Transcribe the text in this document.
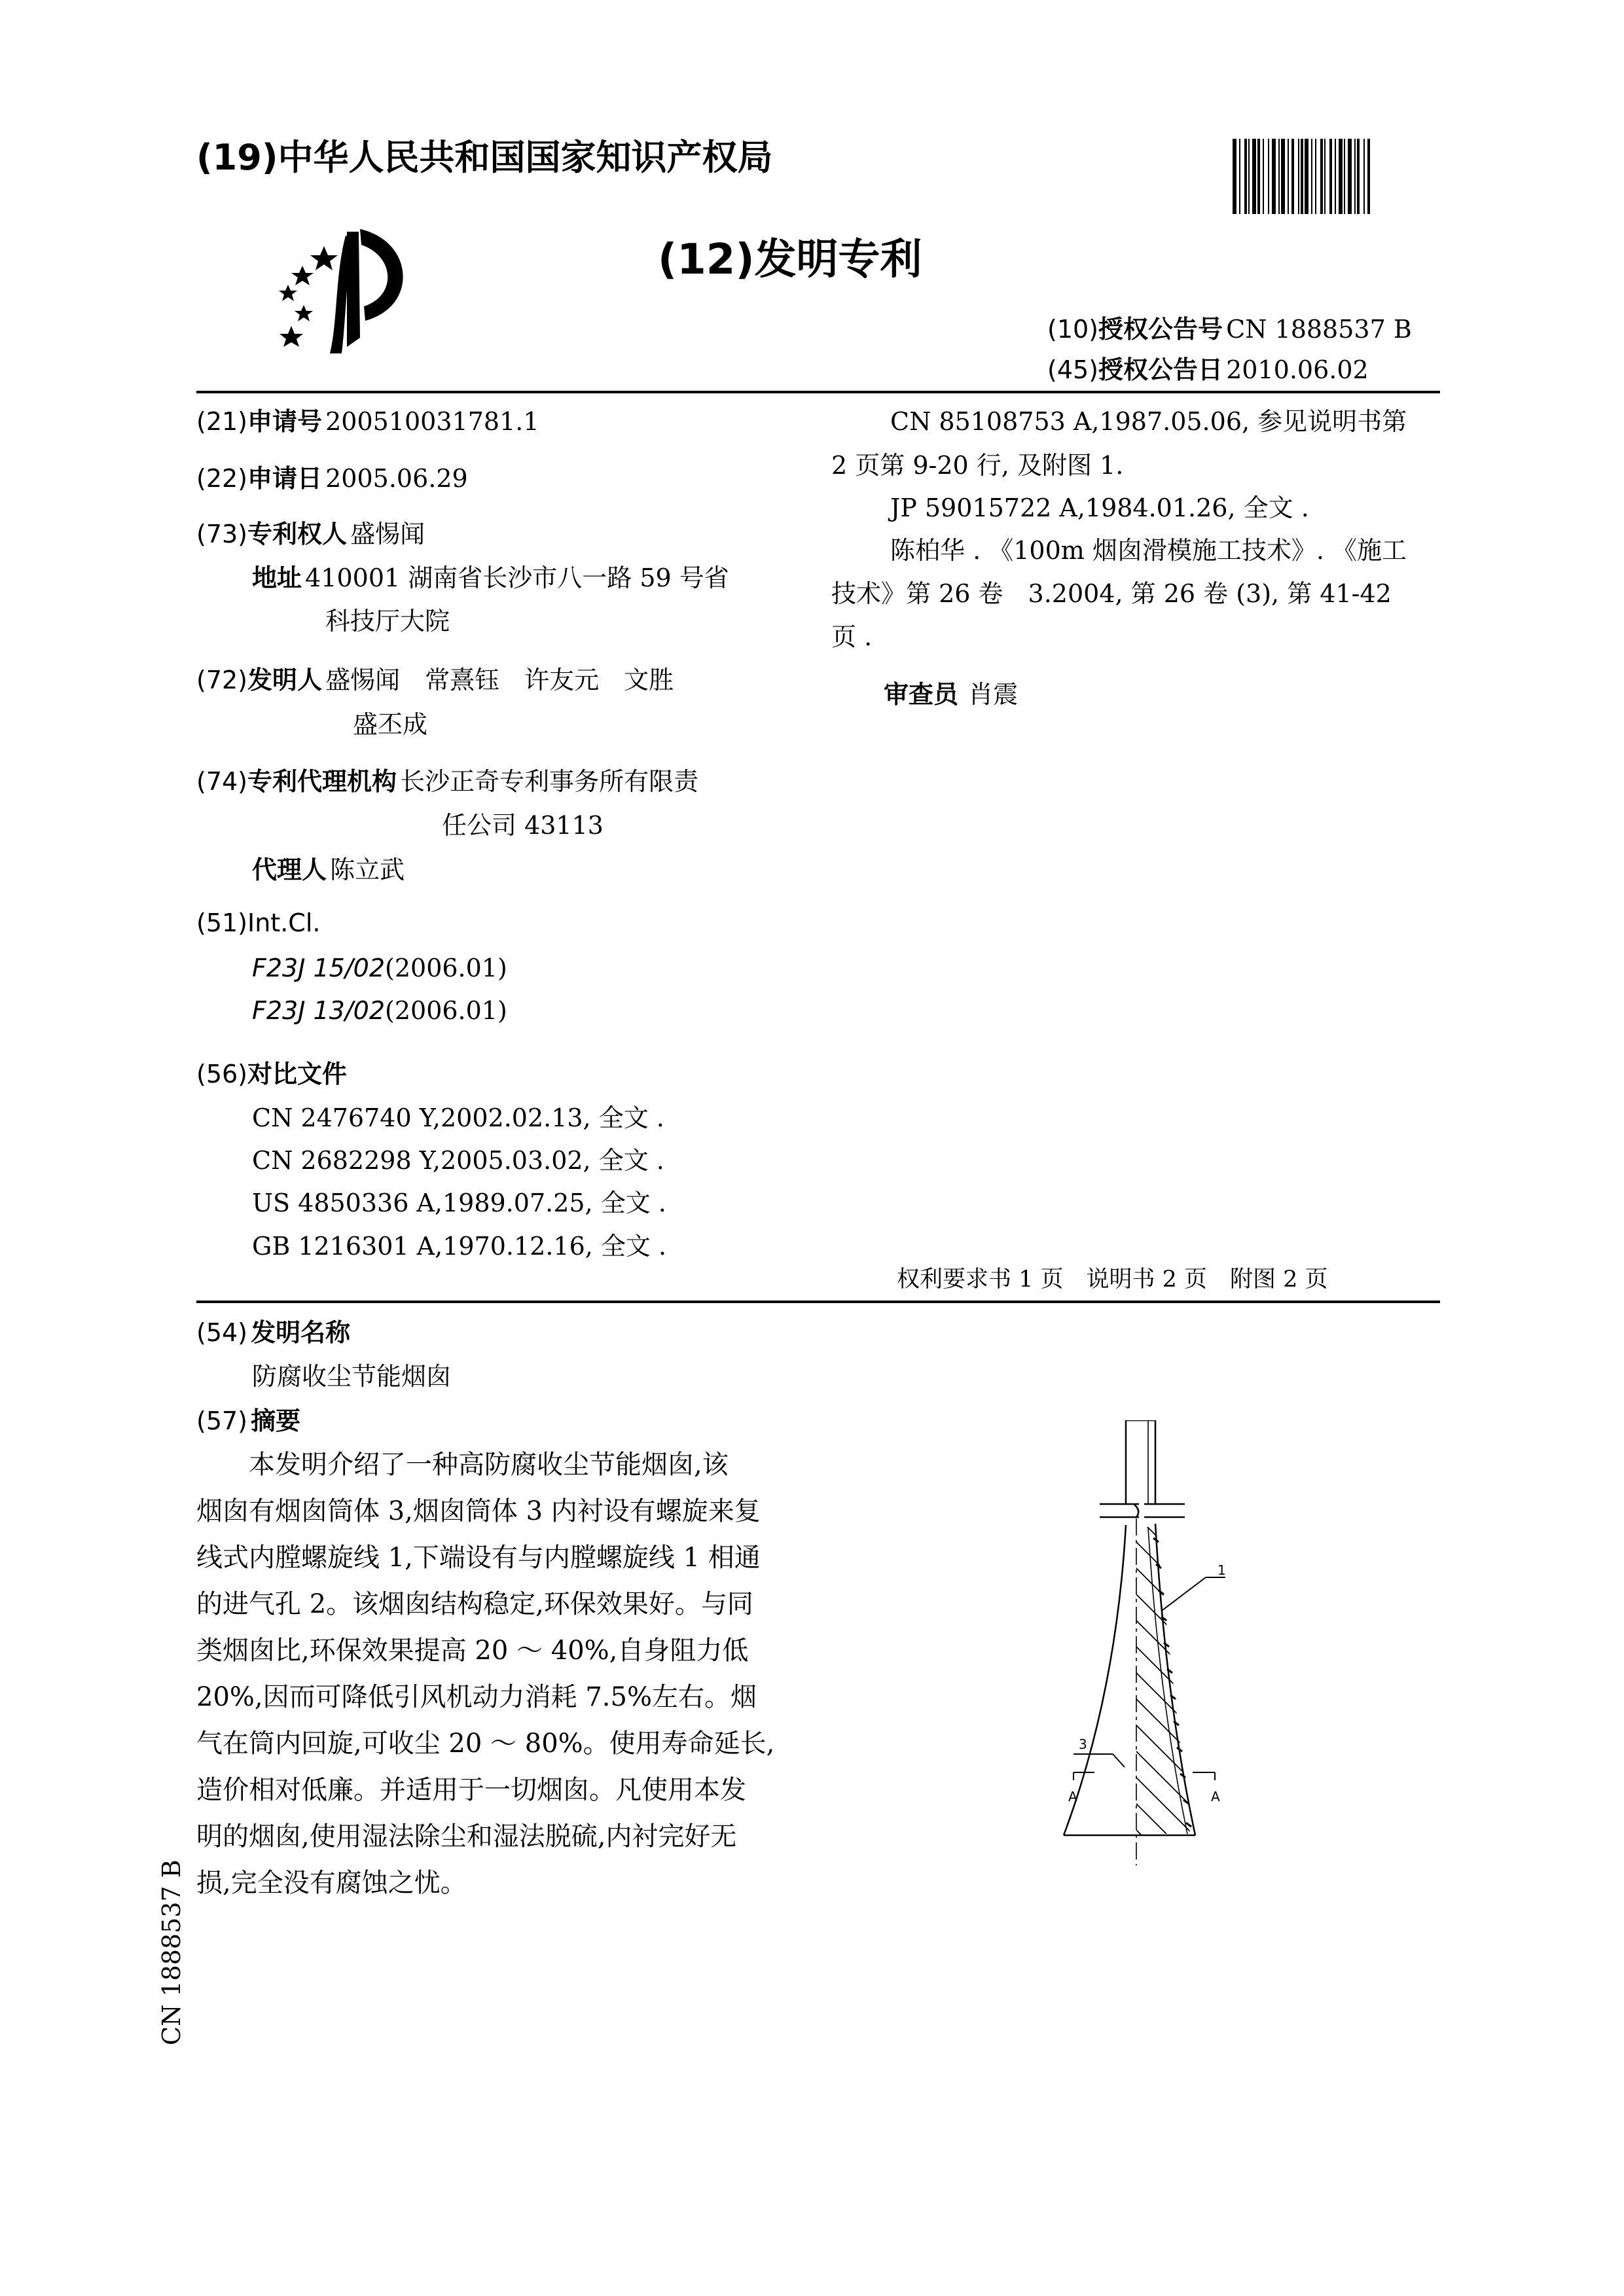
(19)中华人民共和国国家知识产权局
(12)发明专利
(10)授权公告号 CN 1888537 B
(45)授权公告日 2010.06.02
(21)申请号 200510031781.1
(22)申请日 2005.06.29
(73)专利权人 盛惕闻
地址 410001 湖南省长沙市八一路 59 号省
科技厅大院
(72)发明人 盛惕闻　常熹钰　许友元　文胜
盛丕成
(74)专利代理机构 长沙正奇专利事务所有限责
任公司 43113
代理人 陈立武
(51)Int.Cl.
F23J 15/02(2006.01)
F23J 13/02(2006.01)
(56)对比文件
CN 2476740 Y,2002.02.13, 全文 .
CN 2682298 Y,2005.03.02, 全文 .
US 4850336 A,1989.07.25, 全文 .
GB 1216301 A,1970.12.16, 全文 .
CN 85108753 A,1987.05.06, 参见说明书第
2 页第 9-20 行, 及附图 1.
JP 59015722 A,1984.01.26, 全文 .
陈柏华 . 《100m 烟囱滑模施工技术》. 《施工
技术》第 26 卷　3.2004, 第 26 卷 (3), 第 41-42
页 .
审查员 肖震
权利要求书 1 页　说明书 2 页　附图 2 页
(54) 发明名称
防腐收尘节能烟囱
(57) 摘要
本发明介绍了一种高防腐收尘节能烟囱,该
烟囱有烟囱筒体 3,烟囱筒体 3 内衬设有螺旋来复
线式内膛螺旋线 1,下端设有与内膛螺旋线 1 相通
的进气孔 2。该烟囱结构稳定,环保效果好。与同
类烟囱比,环保效果提高 20 ～ 40%,自身阻力低
20%,因而可降低引风机动力消耗 7.5%左右。烟
气在筒内回旋,可收尘 20 ～ 80%。使用寿命延长,
造价相对低廉。并适用于一切烟囱。凡使用本发
明的烟囱,使用湿法除尘和湿法脱硫,内衬完好无
损,完全没有腐蚀之忧。
1
3
A	A
CN 1888537 B
